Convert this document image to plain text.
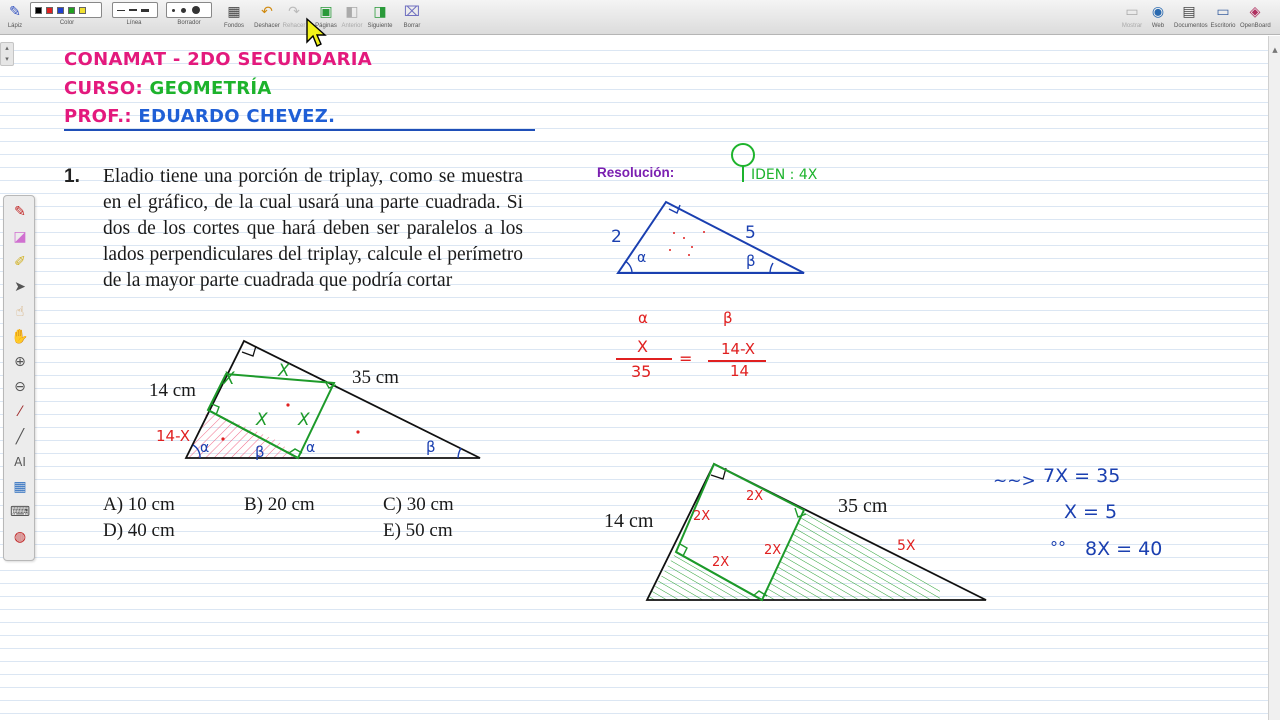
✎
Lápiz	Color	Línea	Borrador
▦
Fondos
↶
Deshacer
↷
Rehacer
▣
Páginas
◧
Anterior
◨
Siguiente
⌧
Borrar
▭
Mostrar
◉
Web
▤
Documentos
▭
Escritorio
◈
OpenBoard
▲
▴
▾
✎
◪
✐
➤
☝
✋
⊕
⊖
⁄
╱
AI
▦
⌨
◍
CONAMAT - 2DO SECUNDARIA
CURSO: GEOMETRÍA
PROF.: EDUARDO CHEVEZ.
1. Eladio tiene una porción de triplay, como se muestra en el gráfico, de la cual usará una parte cuadrada. Si dos de los cortes que hará deben ser paralelos a los lados perpendiculares del triplay, calcule el perímetro de la mayor parte cuadrada que podría cortar
14 cm
35 cm
X	X
X X
14-X
α	β	α	β
A) 10 cm	B) 20 cm	C) 30 cm
D) 40 cm	E) 50 cm
Resolución:	IDEN : 4X
2	5
α	β
α	β
X
35
= 14-X
14
14 cm
35 cm
2X
2X
2X
2X	5X
~~> 7X = 35
X = 5
°° 8X = 40
